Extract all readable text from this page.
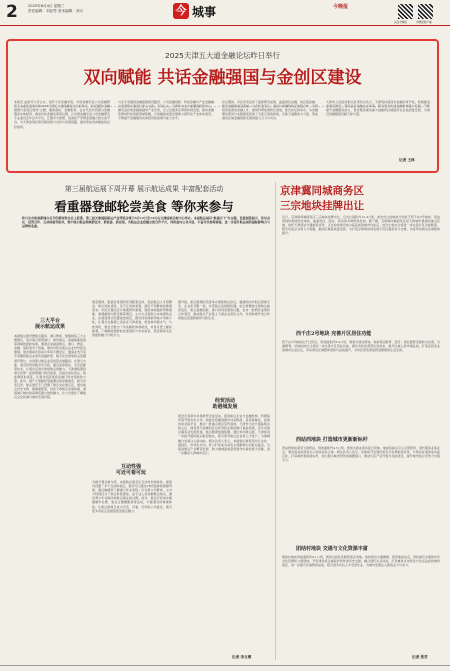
2	2025年6月4日 星期三
责任编辑：刘亚男 美术编辑：刘月	今 城事	今晚报
关注今晚报	今晚报客户端
2025天津五大道金融论坛昨日举行
双向赋能 共话金融强国与金创区建设
本报讯 由南开大学主办，南开大学金融学院、中国金融学会公司金融研究专业委员会承办的2025天津五大道金融论坛日前举行。论坛围绕"金融强国与金创区建设"主题，邀请高校、金融机构、企业代表共同探讨金融服务实体经济、推动科技金融发展等议题，以中国金融学会公司金融研究专业委员会年会为平台，汇聚多方智慧，搭建起产学研深度融合的交流平台，为天津金创区建设提供智力支持与发展思路，推动形成双向赋能的良好格局。
与会专家围绕金融强国建设路径、公司金融创新、科技金融与产业金融融合发展等方面进行深入交流。专家认为，天津作为北方重要的经济中心，拥有良好的金融基础和产业优势，应立足服务京津冀协同发展，推动金融资源向科技创新领域集聚，以金融高质量发展助力现代化产业体系建设，不断提升金融服务实体经济的质效与能力水平。
论坛期间，多位学者发布了最新研究成果，涵盖绿色金融、供应链金融、数字金融等前沿领域。与会代表表示，高校与金融机构应加强合作，共同培养高素质金融人才，推动科研成果转化落地。此次论坛的举办，为金融理论研究与实践探索搭建了交流互鉴的桥梁，有助于凝聚各方力量，形成推动区域金融创新发展的强大合力与共识。
天津市人民政府相关负责同志表示，天津将持续深化金融改革开放，积极推进金创区建设，营造良好金融生态环境，吸引更多优质金融机构落户发展，不断提升金融服务能力，更好服务国家重大战略和区域经济社会高质量发展，为建设金融强国贡献天津力量。
记者 王林
第三届航运展下周开幕 展示航运成果 丰富配套活动
看重器登邮轮尝美食 等你来参与
昨日从市政府新闻办召开的新闻发布会上获悉，第三届天津国际航运产业博览会将于6月12日至14日在天津国家会展中心举办。本届航运展以"航通天下"为主题，设置展览展示、论坛会议、经贸合作、互动体验等板块，集中展示航运领域新技术、新装备、新成果，为航运企业搭建交流合作平台，同时面向公众开放，丰富市民参观体验，进一步提升航运展的国际影响力与品牌知名度。
三大平台
展示航运成果
本届航运展设置航运服务、港口物流、船舶制造三大主题展区，集中展示智慧港口、绿色航运、高端船舶装备等领域的最新成果。参展企业涵盖航运、港口、物流、金融、保险等多个领域，国内外知名航运企业纷纷报名参展。展会期间还将举办多场专题论坛，邀请业内专家学者围绕航运业绿色低碳转型、数字化发展等热点话题展开研讨，共同探讨航运业高质量发展路径。在展示方面，展会将利用数字化手段，通过虚拟现实、全息投影等技术，让观众沉浸式体验航运的魅力。天津港集团将展示世界一流智慧港口建设成果，包括自动化码头、智能调度系统等，让观众近距离感受港口科技创新的力量。此外，国产大型邮轮等重器也将亮相展会，吸引众多目光。航运展还专门设置了航运文化展示区，展出航运历史文物、船舶模型等，讲述天津航运发展故事，展现港口城市的深厚底蕴与独特魅力，让公众更好了解航运文化和港口城市发展历程。
展会期间，组委会将组织系列配套活动，包括航运人才招聘会、航运知识讲座、亲子互动体验等，满足不同群体的参观需求。市民可通过官方渠道预约参观，现场体验模拟驾驶船舶、参观邮轮内部设施等项目。主办方还将联合本地餐饮企业，在展馆周边设置美食街区，推出特色海鲜和地方风味小吃，让观众在参观之余品尝天津美食，感受城市烟火气。与此同时，展会还推出了多条邮轮体验航线，市民可登上邮轮参观，了解邮轮旅游的发展现状与未来前景，感受海洋文化的独特魅力与吸引力。
互动性强
可近可看可玩
为提升观众参与感，本届航运展突出互动性和体验性。展馆内设置了多个互动体验区，观众可以通过VR设备体验船舶驾驶，通过触摸屏了解港口作业流程。针对青少年群体，主办方特别设计了航运科普课堂，由专业人员讲解航运知识，激发青少年对海洋和航运事业的兴趣。此外，展会还将举办船模制作比赛、航运主题摄影展等活动，丰富观众的参观体验，让航运展真正成为可近、可看、可玩的公众盛会，吸引更多市民走进展馆感受航运魅力。
据介绍，航运展期间还将举办国际航运论坛，邀请国内外航运领域专家、企业家齐聚一堂，共话航运发展新机遇。论坛将聚焦全球航运格局变化、航运金融创新、港口协同发展等议题，发布一批研究成果和合作项目，推动航运产业链上下游企业深化合作，共同构建开放合作的航运发展新格局与新生态。
经贸活动
助港城发展
展会还将举办多场经贸洽谈活动，促进航运企业与金融机构、科研院所等开展务实合作。组委会将邀请国内外采购商、投资商参会，搭建供需对接平台，推动一批重点项目签约落地。天津作为北方国际航运核心区，拥有得天独厚的区位优势和完善的港口基础设施，近年来航运服务业发展迅速，航运要素加速集聚。通过举办航运展，天津将进一步提升国际航运枢纽地位，吸引更多航运企业和人才落户，为港城融合发展注入新动能。相关负责人表示，本届航运展将坚持专业化、国际化、市场化方向，努力打造成为具有全球影响力的航运盛会，为促进航运产业繁荣发展、助力港城高质量发展作出新的更大贡献，进一步擦亮天津城市名片。
记者 李文博
京津冀同城商务区
三宗地块挂牌出让
近日，京津冀同城商务区三宗地块挂牌出让，总出让面积约12.4公顷。此次出让的地块分别位于西千庄2号地块、西站西地块和团结村地块，涵盖居住、商业、商务等多种用地性质。据了解，京津冀同城商务区是天津城市更新的重点区域，依托天津西站交通枢纽优势，正在加快建设成为高品质的城市功能区。此次土地出让将进一步完善片区功能配套，吸引优质企业和人才集聚，推动区域高质量发展，为打造京津冀协同发展示范区提供有力支撑，也将带动周边区域整体提升。
西千庄2号地块 完善片区居住功能
西千庄2号地块位于红桥区，用地面积约3.8公顷，规划为居住用地。地块周边教育、医疗、商业配套设施较为完善，交通便利。该地块的出让将进一步完善片区居住功能，满足市民改善型住房需求，提升区域人居环境品质，打造宜居宜业的城市生活社区，带动周边区域整体更新与品质提升，为市民营造更加舒适便捷的生活空间。
西站西地块 打造城市更新新标杆
西站西地块紧邻天津西站，用地面积约4.5公顷，规划为商业商务混合用地。地块将重点引入总部经济、现代服务业等业态，建设高品质商务办公和商业综合体。相关负责人表示，该地块开发建设将充分发挥枢纽优势，与周边区域形成功能互补，打造城市更新新标杆，成为展示城市形象的重要窗口，推动片区产业升级与功能优化，提升城市综合竞争力与吸引力。
团结村地块 交通与文化资源丰富
团结村地块用地面积约4.1公顷，规划为居住及配套商业用地。地块周边交通便捷，紧邻地铁站点，同时拥有丰富的历史文化资源和公园绿地。开发建设将注重保护和传承历史文脉，融合现代生活功能，打造兼具文化特色与生活品质的城市街区，进一步提升区域整体品质，吸引更多年轻人才安居乐业，为城市发展注入新的活力与动力。
记者 张芳
